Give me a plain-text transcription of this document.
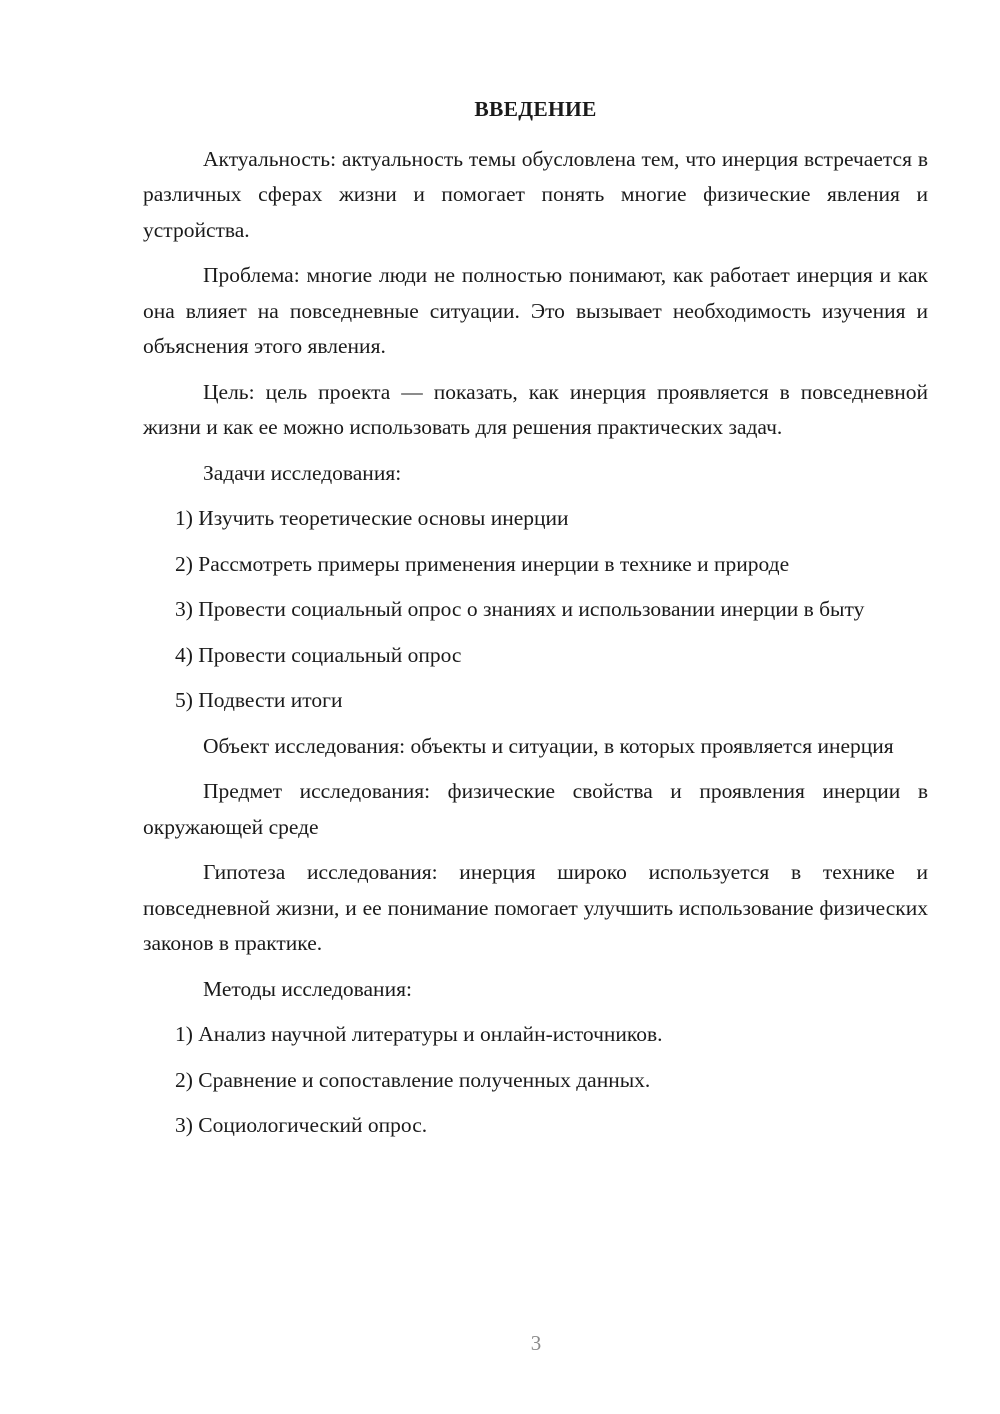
ВВЕДЕНИЕ

Актуальность: актуальность темы обусловлена тем, что инерция встречается в различных сферах жизни и помогает понять многие физические явления и устройства.

Проблема: многие люди не полностью понимают, как работает инерция и как она влияет на повседневные ситуации. Это вызывает необходимость изучения и объяснения этого явления.

Цель: цель проекта — показать, как инерция проявляется в повседневной жизни и как ее можно использовать для решения практических задач.

Задачи исследования:

1) Изучить теоретические основы инерции

2) Рассмотреть примеры применения инерции в технике и природе

3) Провести социальный опрос о знаниях и использовании инерции в быту

4) Провести социальный опрос

5) Подвести итоги

Объект исследования: объекты и ситуации, в которых проявляется инерция

Предмет исследования: физические свойства и проявления инерции в окружающей среде

Гипотеза исследования: инерция широко используется в технике и повседневной жизни, и ее понимание помогает улучшить использование физических законов в практике.

Методы исследования:

1) Анализ научной литературы и онлайн-источников.

2) Сравнение и сопоставление полученных данных.

3) Социологический опрос.

3
